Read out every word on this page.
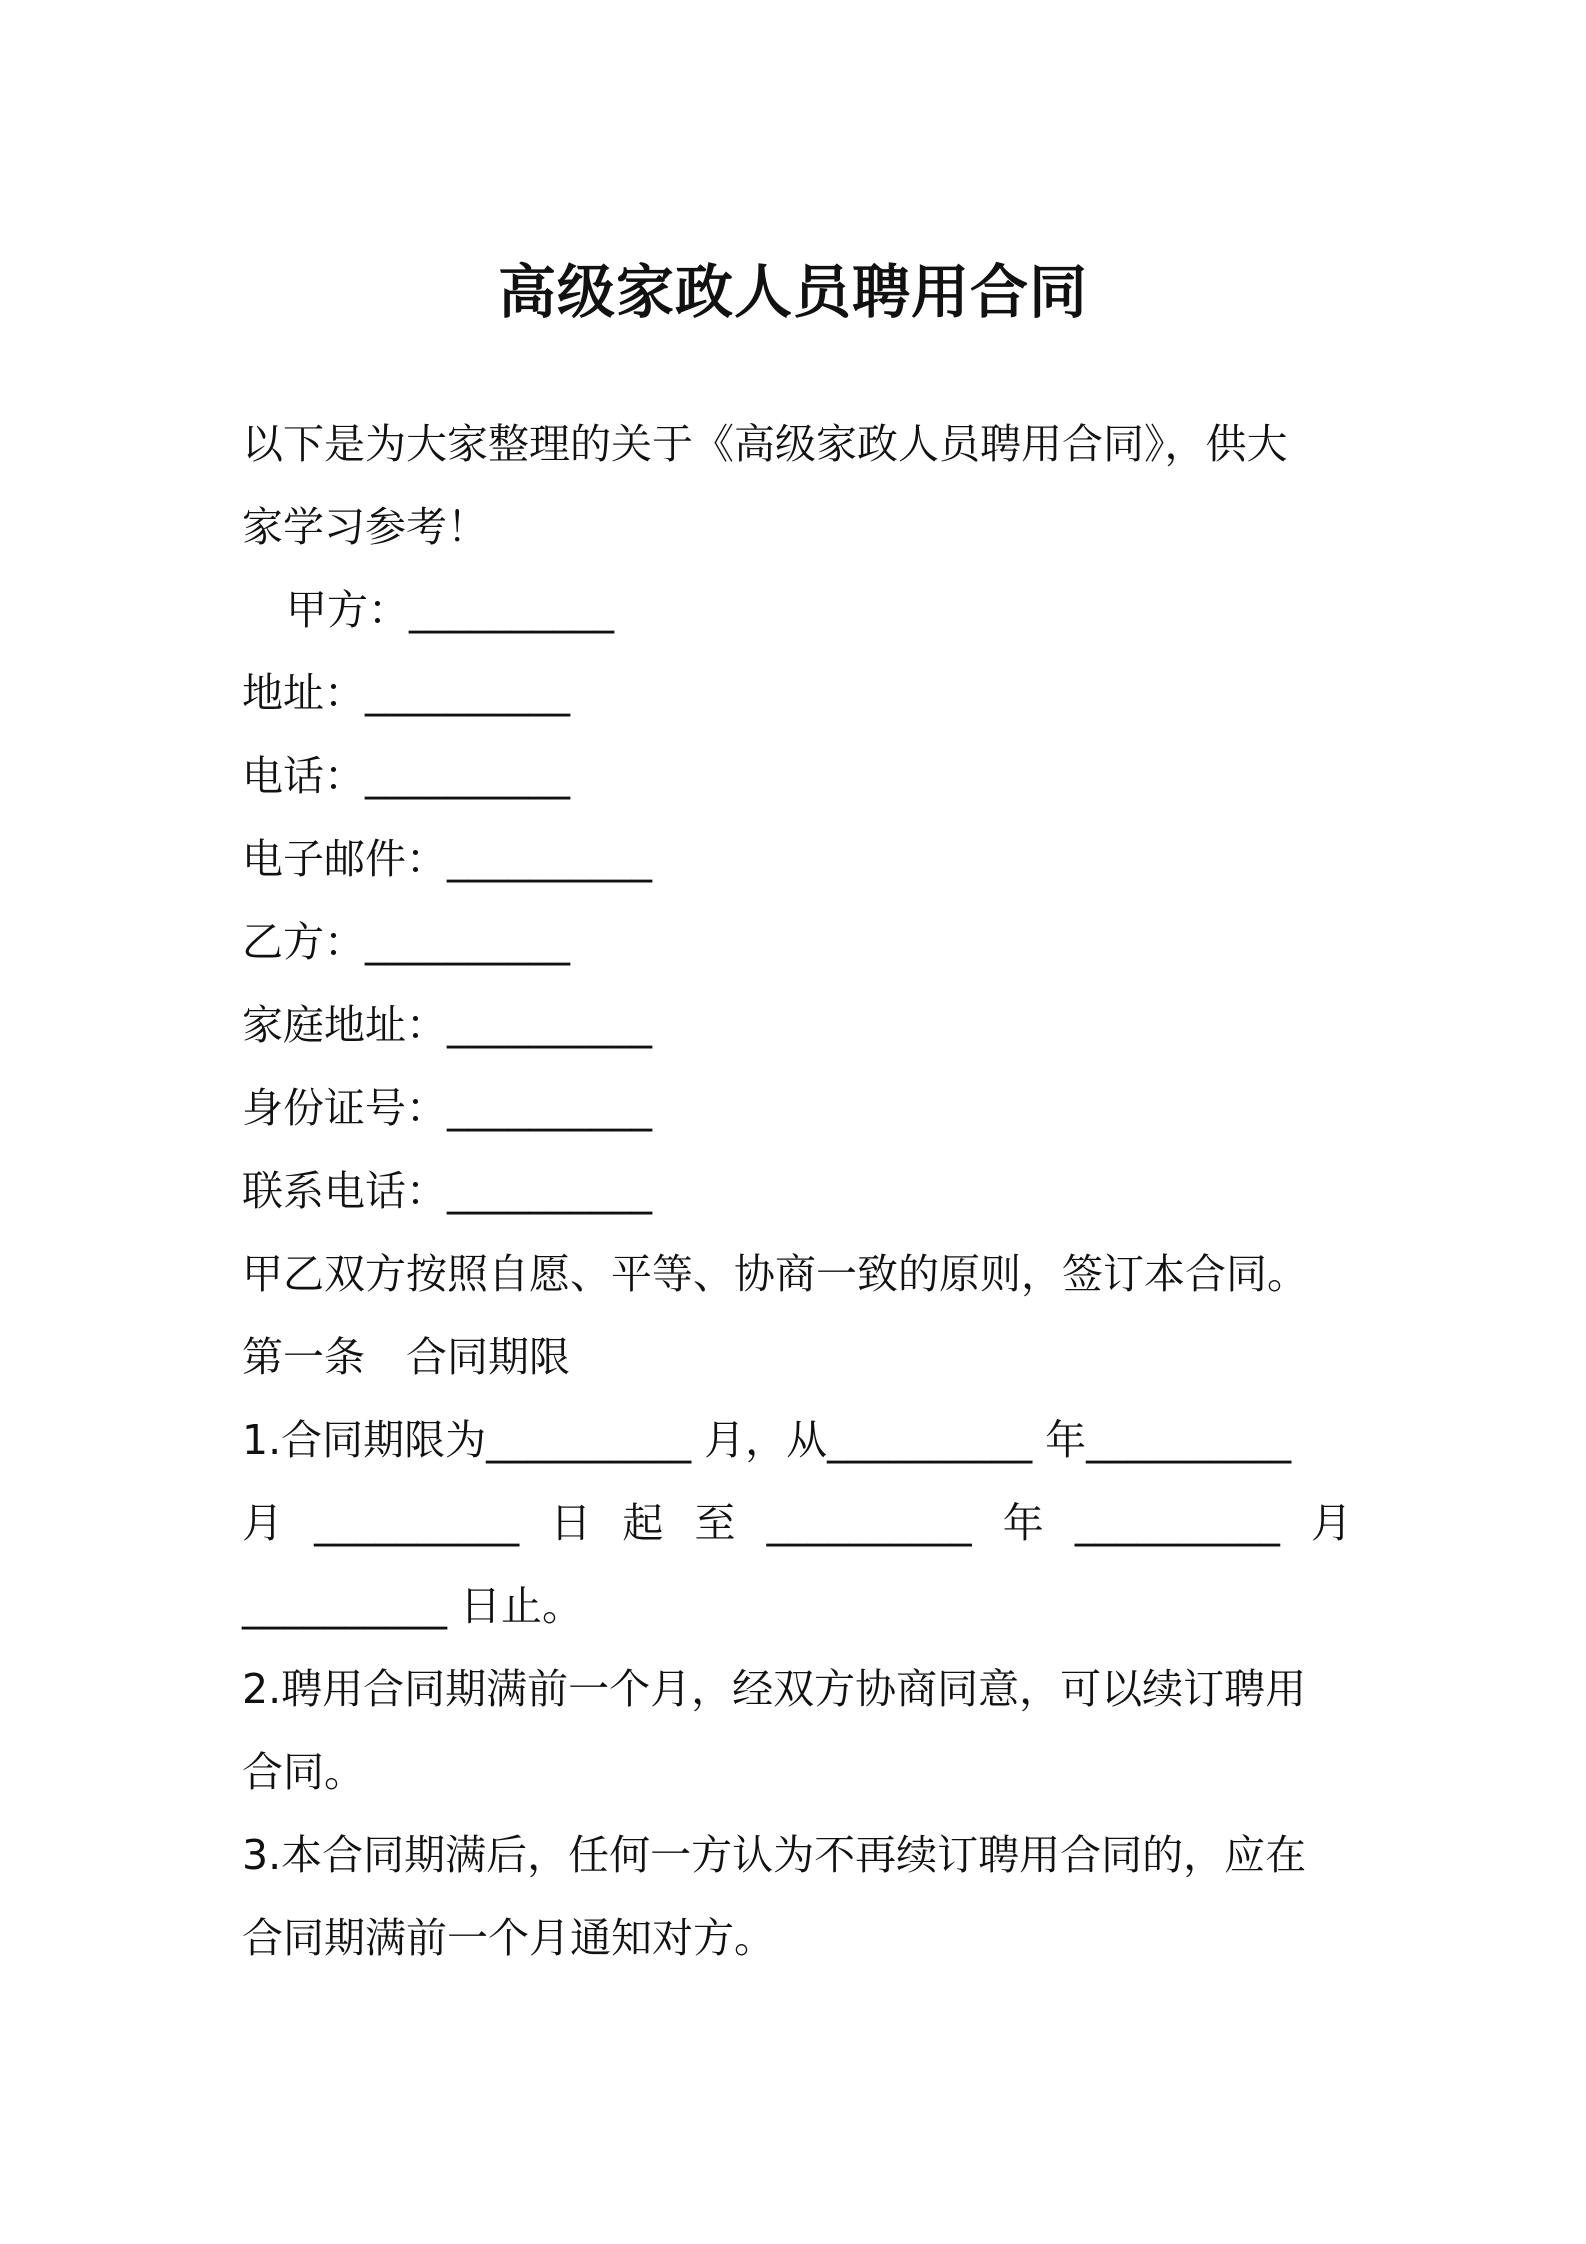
高级家政人员聘用合同
以下是为大家整理的关于《高级家政人员聘用合同》，供大
家学习参考！
甲方：__________
地址：__________
电话：__________
电子邮件：__________
乙方：__________
家庭地址：__________
身份证号：__________
联系电话：__________
甲乙双方按照自愿、平等、协商一致的原则，签订本合同。
第一条　合同期限
1.合同期限为__________ 月，从__________ 年__________
月 __________ 日 起 至 __________ 年 __________ 月
__________ 日止。
2.聘用合同期满前一个月，经双方协商同意，可以续订聘用
合同。
3.本合同期满后，任何一方认为不再续订聘用合同的，应在
合同期满前一个月通知对方。
